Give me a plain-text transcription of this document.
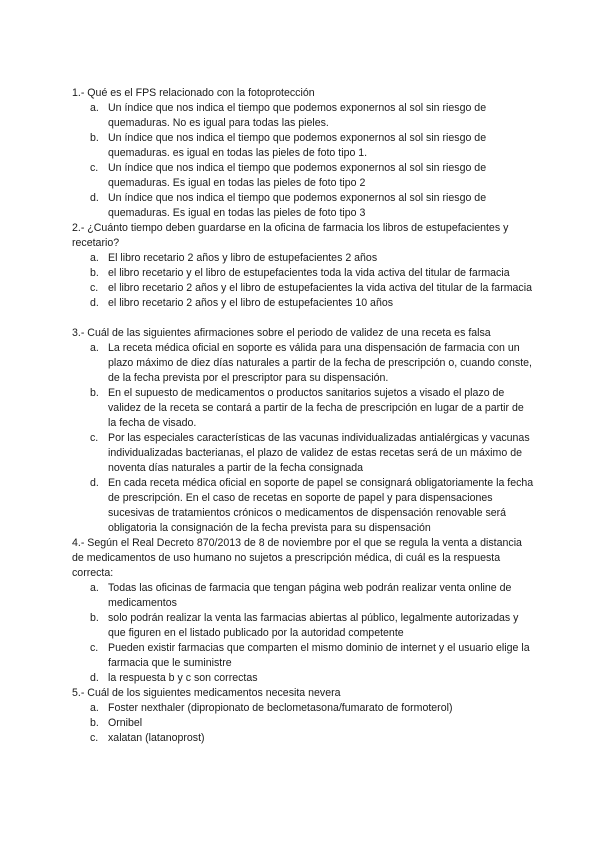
1.- Qué es el FPS relacionado con la fotoprotección

a. Un índice que nos indica el tiempo que podemos exponernos al sol sin riesgo de quemaduras. No es igual para todas las pieles.
b. Un índice que nos indica el tiempo que podemos exponernos al sol sin riesgo de quemaduras. es igual en todas las pieles de foto tipo 1.
c. Un índice que nos indica el tiempo que podemos exponernos al sol sin riesgo de quemaduras. Es igual en todas las pieles de foto tipo 2
d. Un índice que nos indica el tiempo que podemos exponernos al sol sin riesgo de quemaduras. Es igual en todas las pieles de foto tipo 3

2.- ¿Cuánto tiempo deben guardarse en la oficina de farmacia los libros de estupefacientes y recetario?

a. El libro recetario 2 años y libro de estupefacientes 2 años
b. el libro recetario y el libro de estupefacientes toda la vida activa del titular de farmacia
c. el libro recetario 2 años y el libro de estupefacientes la vida activa del titular de la farmacia
d. el libro recetario 2 años y el libro de estupefacientes 10 años

3.- Cuál de las siguientes afirmaciones sobre el periodo de validez de una receta es falsa

a. La receta médica oficial en soporte es válida para una dispensación de farmacia con un plazo máximo de diez días naturales a partir de la fecha de prescripción o, cuando conste, de la fecha prevista por el prescriptor para su dispensación.
b. En el supuesto de medicamentos o productos sanitarios sujetos a visado el plazo de validez de la receta se contará a partir de la fecha de prescripción en lugar de a partir de la fecha de visado.
c. Por las especiales características de las vacunas individualizadas antialérgicas y vacunas individualizadas bacterianas, el plazo de validez de estas recetas será de un máximo de noventa días naturales a partir de la fecha consignada
d. En cada receta médica oficial en soporte de papel se consignará obligatoriamente la fecha de prescripción. En el caso de recetas en soporte de papel y para dispensaciones sucesivas de tratamientos crónicos o medicamentos de dispensación renovable será obligatoria la consignación de la fecha prevista para su dispensación

4.- Según el Real Decreto 870/2013 de 8 de noviembre por el que se regula la venta a distancia de medicamentos de uso humano no sujetos a prescripción médica, di cuál es la respuesta correcta:

a. Todas las oficinas de farmacia que tengan página web podrán realizar venta online de medicamentos
b. solo podrán realizar la venta las farmacias abiertas al público, legalmente autorizadas y que figuren en el listado publicado por la autoridad competente
c. Pueden existir farmacias que comparten el mismo dominio de internet y el usuario elige la farmacia que le suministre
d. la respuesta b y c son correctas

5.- Cuál de los siguientes medicamentos necesita nevera

a. Foster nexthaler (dipropionato de beclometasona/fumarato de formoterol)
b. Ornibel
c. xalatan (latanoprost)
